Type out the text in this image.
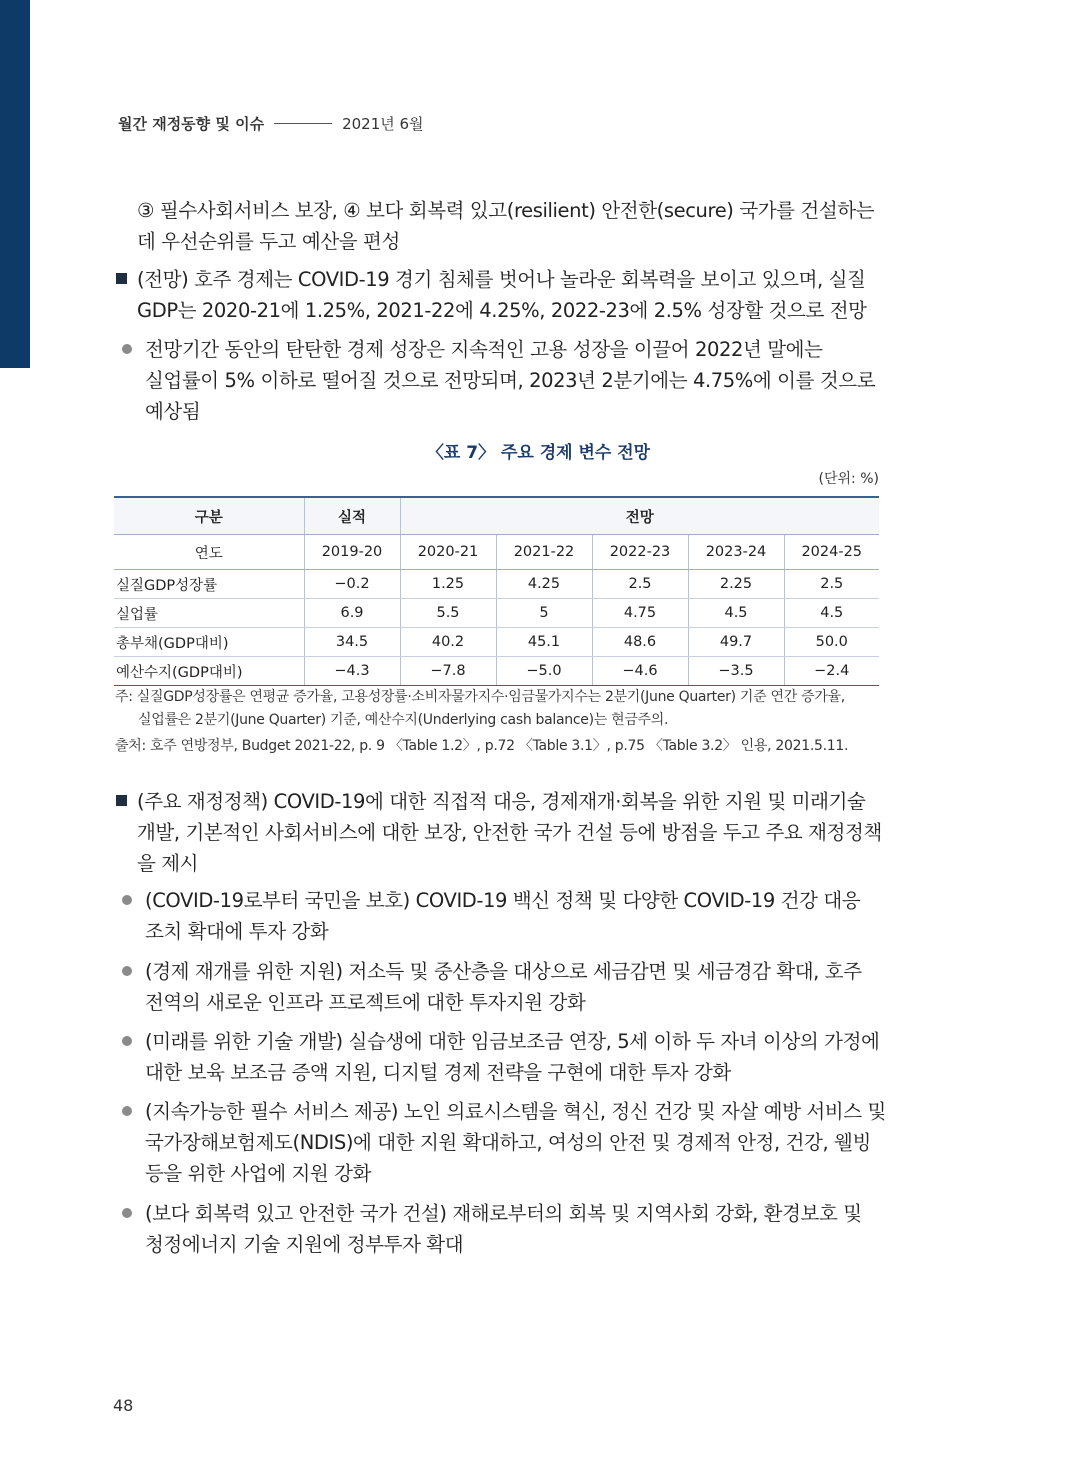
월간 재정동향 및 이슈	2021년 6월
③ 필수사회서비스 보장, ④ 보다 회복력 있고(resilient) 안전한(secure) 국가를 건설하는
데 우선순위를 두고 예산을 편성
(전망) 호주 경제는 COVID-19 경기 침체를 벗어나 놀라운 회복력을 보이고 있으며, 실질
GDP는 2020-21에 1.25%, 2021-22에 4.25%, 2022-23에 2.5% 성장할 것으로 전망
전망기간 동안의 탄탄한 경제 성장은 지속적인 고용 성장을 이끌어 2022년 말에는
실업률이 5% 이하로 떨어질 것으로 전망되며, 2023년 2분기에는 4.75%에 이를 것으로
예상됨
〈표 7〉 주요 경제 변수 전망
(단위: %)
구분	실적	전망				
연도	2019-20	2020-21	2021-22	2022-23	2023-24	2024-25
실질GDP성장률	−0.2	1.25	4.25	2.5	2.25	2.5
실업률	6.9	5.5	5	4.75	4.5	4.5
총부채(GDP대비)	34.5	40.2	45.1	48.6	49.7	50.0
예산수지(GDP대비)	−4.3	−7.8	−5.0	−4.6	−3.5	−2.4
주: 실질GDP성장률은 연평균 증가율, 고용성장률·소비자물가지수·임금물가지수는 2분기(June Quarter) 기준 연간 증가율,
실업률은 2분기(June Quarter) 기준, 예산수지(Underlying cash balance)는 현금주의.
출처: 호주 연방정부, Budget 2021-22, p. 9 〈Table 1.2〉, p.72 〈Table 3.1〉, p.75 〈Table 3.2〉 인용, 2021.5.11.
(주요 재정정책) COVID-19에 대한 직접적 대응, 경제재개·회복을 위한 지원 및 미래기술
개발, 기본적인 사회서비스에 대한 보장, 안전한 국가 건설 등에 방점을 두고 주요 재정정책
을 제시
(COVID-19로부터 국민을 보호) COVID-19 백신 정책 및 다양한 COVID-19 건강 대응
조치 확대에 투자 강화
(경제 재개를 위한 지원) 저소득 및 중산층을 대상으로 세금감면 및 세금경감 확대, 호주
전역의 새로운 인프라 프로젝트에 대한 투자지원 강화
(미래를 위한 기술 개발) 실습생에 대한 임금보조금 연장, 5세 이하 두 자녀 이상의 가정에
대한 보육 보조금 증액 지원, 디지털 경제 전략을 구현에 대한 투자 강화
(지속가능한 필수 서비스 제공) 노인 의료시스템을 혁신, 정신 건강 및 자살 예방 서비스 및
국가장해보험제도(NDIS)에 대한 지원 확대하고, 여성의 안전 및 경제적 안정, 건강, 웰빙
등을 위한 사업에 지원 강화
(보다 회복력 있고 안전한 국가 건설) 재해로부터의 회복 및 지역사회 강화, 환경보호 및
청정에너지 기술 지원에 정부투자 확대
48
